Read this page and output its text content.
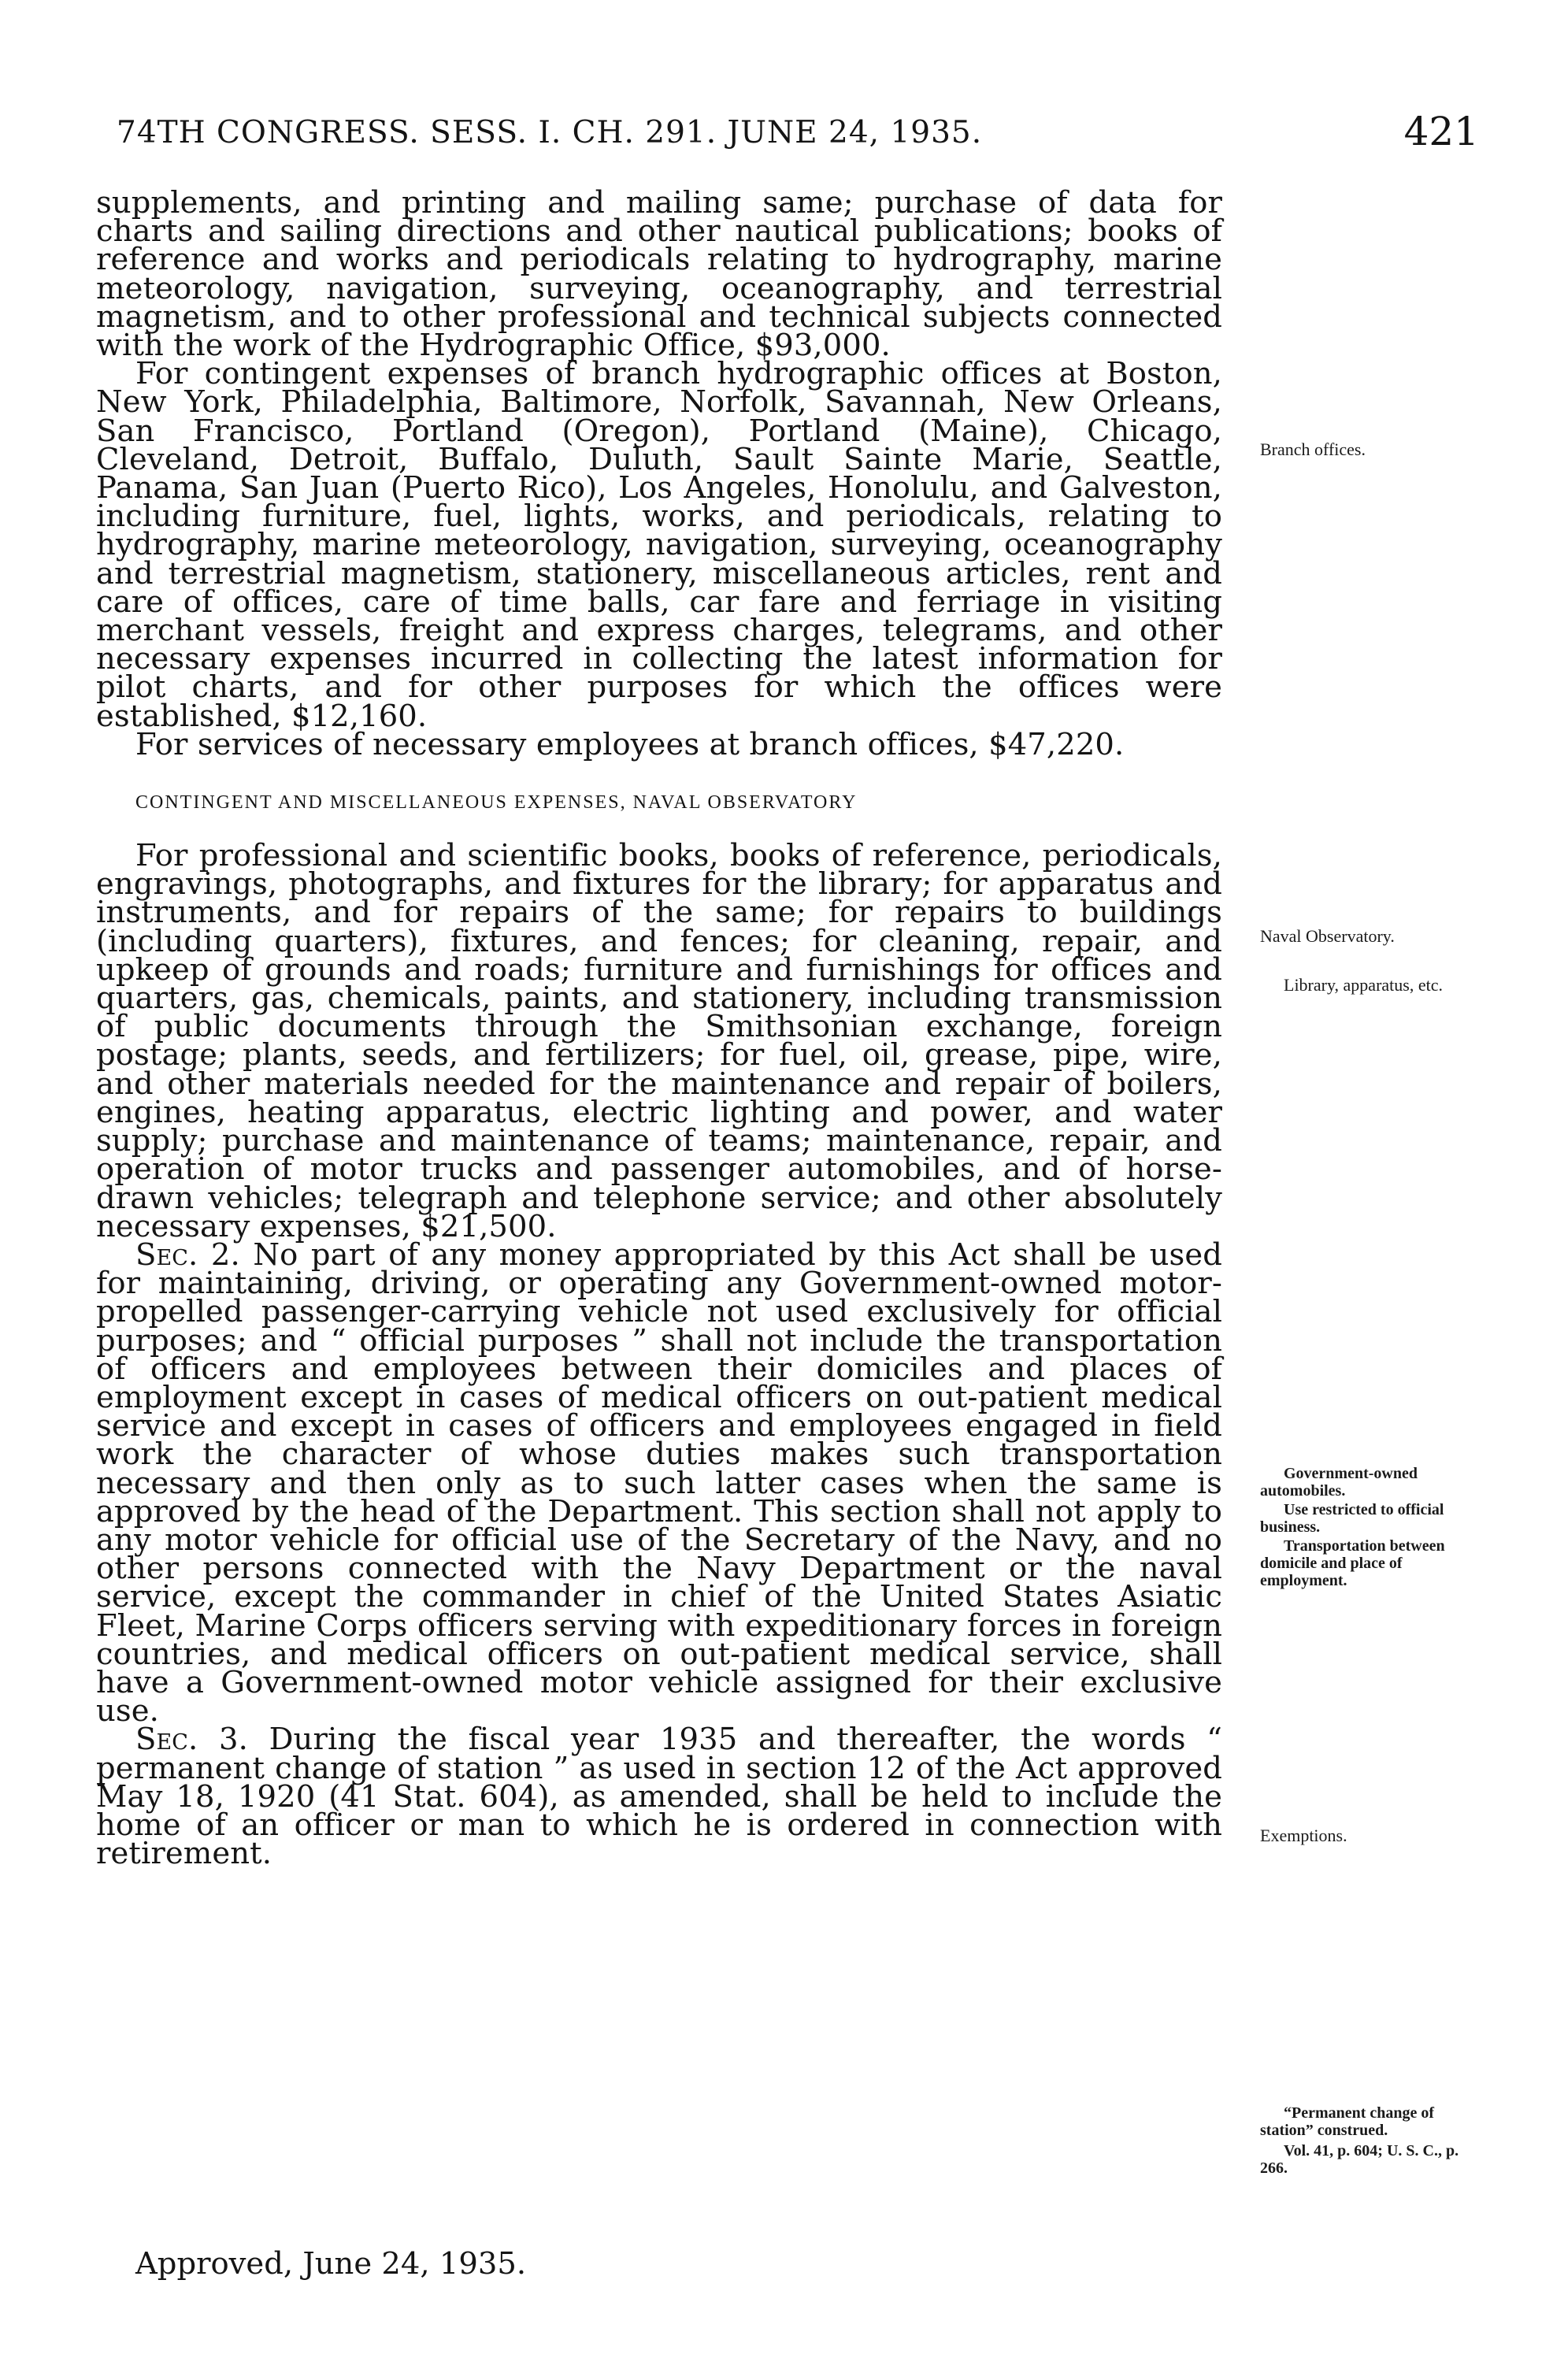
74TH CONGRESS. SESS. I. CH. 291. JUNE 24, 1935.	421

supplements, and printing and mailing same; purchase of data for charts and sailing directions and other nautical publications; books of reference and works and periodicals relating to hydrography, marine meteorology, navigation, surveying, oceanography, and terrestrial magnetism, and to other professional and technical subjects connected with the work of the Hydrographic Office, $93,000.

For contingent expenses of branch hydrographic offices at Boston, New York, Philadelphia, Baltimore, Norfolk, Savannah, New Orleans, San Francisco, Portland (Oregon), Portland (Maine), Chicago, Cleveland, Detroit, Buffalo, Duluth, Sault Sainte Marie, Seattle, Panama, San Juan (Puerto Rico), Los Angeles, Honolulu, and Galveston, including furniture, fuel, lights, works, and periodicals, relating to hydrography, marine meteorology, navigation, surveying, oceanography and terrestrial magnetism, stationery, miscellaneous articles, rent and care of offices, care of time balls, car fare and ferriage in visiting merchant vessels, freight and express charges, telegrams, and other necessary expenses incurred in collecting the latest information for pilot charts, and for other purposes for which the offices were established, $12,160.

For services of necessary employees at branch offices, $47,220.

CONTINGENT AND MISCELLANEOUS EXPENSES, NAVAL OBSERVATORY

For professional and scientific books, books of reference, periodicals, engravings, photographs, and fixtures for the library; for apparatus and instruments, and for repairs of the same; for repairs to buildings (including quarters), fixtures, and fences; for cleaning, repair, and upkeep of grounds and roads; furniture and furnishings for offices and quarters, gas, chemicals, paints, and stationery, including transmission of public documents through the Smithsonian exchange, foreign postage; plants, seeds, and fertilizers; for fuel, oil, grease, pipe, wire, and other materials needed for the maintenance and repair of boilers, engines, heating apparatus, electric lighting and power, and water supply; purchase and maintenance of teams; maintenance, repair, and operation of motor trucks and passenger automobiles, and of horse-drawn vehicles; telegraph and telephone service; and other absolutely necessary expenses, $21,500.

Sec. 2. No part of any money appropriated by this Act shall be used for maintaining, driving, or operating any Government-owned motor-propelled passenger-carrying vehicle not used exclusively for official purposes; and “ official purposes ” shall not include the transportation of officers and employees between their domiciles and places of employment except in cases of medical officers on out-patient medical service and except in cases of officers and employees engaged in field work the character of whose duties makes such transportation necessary and then only as to such latter cases when the same is approved by the head of the Department. This section shall not apply to any motor vehicle for official use of the Secretary of the Navy, and no other persons connected with the Navy Department or the naval service, except the commander in chief of the United States Asiatic Fleet, Marine Corps officers serving with expeditionary forces in foreign countries, and medical officers on out-patient medical service, shall have a Government-owned motor vehicle assigned for their exclusive use.

Sec. 3. During the fiscal year 1935 and thereafter, the words “ permanent change of station ” as used in section 12 of the Act approved May 18, 1920 (41 Stat. 604), as amended, shall be held to include the home of an officer or man to which he is ordered in connection with retirement.

Approved, June 24, 1935.
Branch offices.
Naval Observatory.
Library, apparatus, etc.
Government-owned automobiles.
Use restricted to official business.
Transportation between domicile and place of employment.
Exemptions.
“Permanent change of station” construed.
Vol. 41, p. 604; U. S. C., p. 266.
